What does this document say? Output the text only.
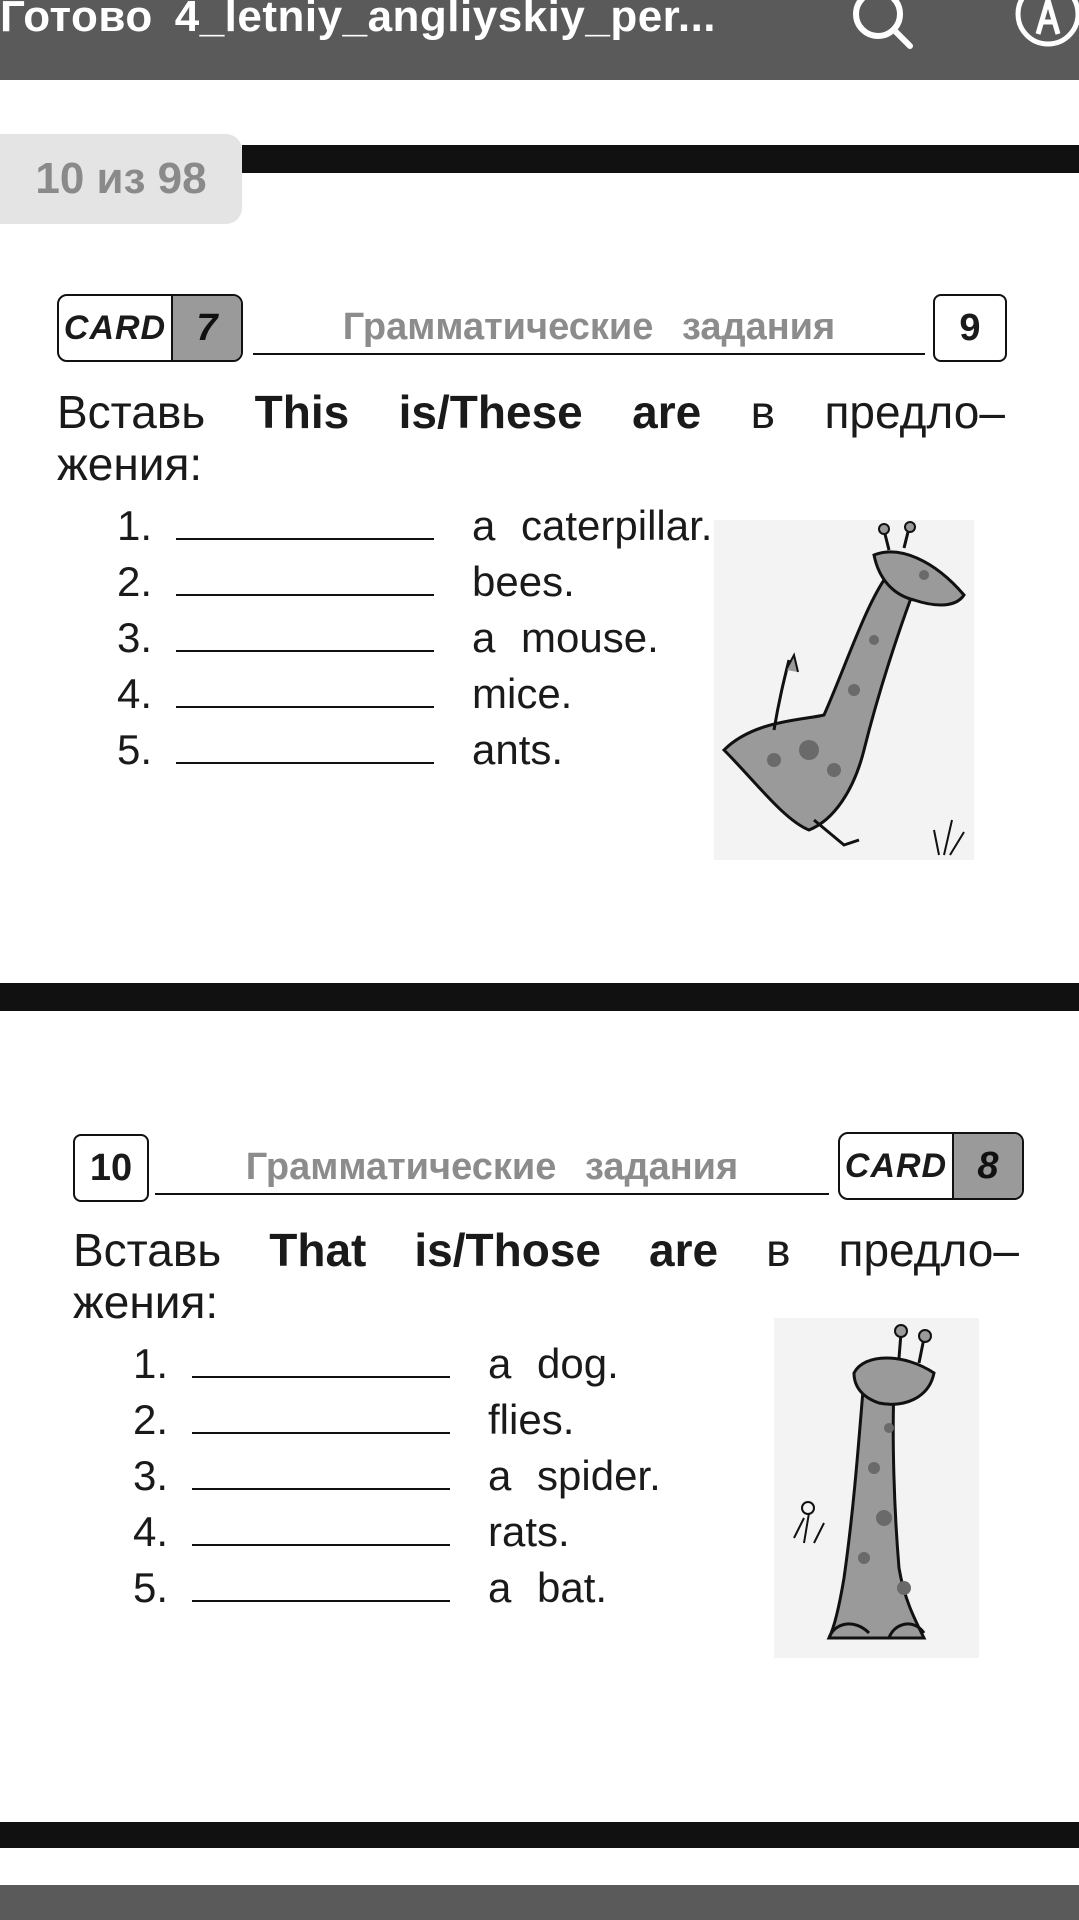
Готово 4_letniy_angliyskiy_per...
10 из 98
CARD 7	Грамматические задания	9
Вставь This is/These are в предло–
жения:
1.	a caterpillar.
2.	bees.
3.	a mouse.
4.	mice.
5.	ants.
10	Грамматические задания	CARD 8
Вставь That is/Those are в предло–
жения:
1.	a dog.
2.	flies.
3.	a spider.
4.	rats.
5.	a bat.
